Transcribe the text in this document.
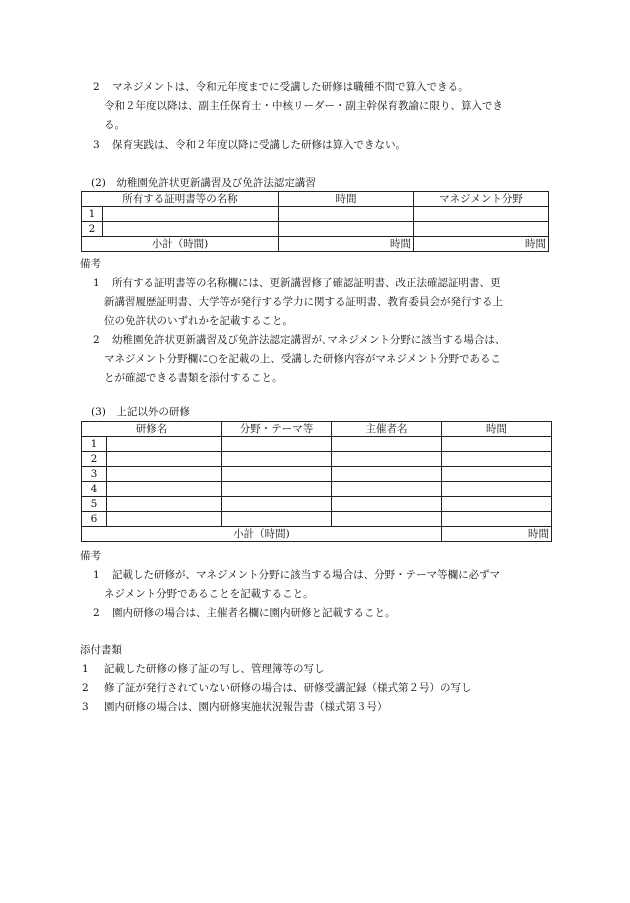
2 マネジメントは、令和元年度までに受講した研修は職種不問で算入できる。
令和２年度以降は、副主任保育士・中核リーダー・副主幹保育教諭に限り、算入でき
る。
3 保育実践は、令和２年度以降に受講した研修は算入できない。
(2)　幼稚園免許状更新講習及び免許法認定講習
所有する証明書等の名称		時間	マネジメント分野
1			
2			
小計（時間)		時間	時間
備考
1 所有する証明書等の名称欄には、更新講習修了確認証明書、改正法確認証明書、更
新講習履歴証明書、大学等が発行する学力に関する証明書、教育委員会が発行する上
位の免許状のいずれかを記載すること。
2 幼稚園免許状更新講習及び免許法認定講習が､マネジメント分野に該当する場合は、
マネジメント分野欄に○を記載の上、受講した研修内容がマネジメント分野であるこ
とが確認できる書類を添付すること。
(3)　上記以外の研修
研修名		分野・テーマ等	主催者名	時間
1				
2				
3				
4				
5				
6				
小計（時間)				時間
備考
1 記載した研修が、マネジメント分野に該当する場合は、分野・テーマ等欄に必ずマ
ネジメント分野であることを記載すること。
2 園内研修の場合は、主催者名欄に園内研修と記載すること。
添付書類
1 記載した研修の修了証の写し、管理簿等の写し
2 修了証が発行されていない研修の場合は、研修受講記録（様式第２号）の写し
3 園内研修の場合は、園内研修実施状況報告書（様式第３号）
